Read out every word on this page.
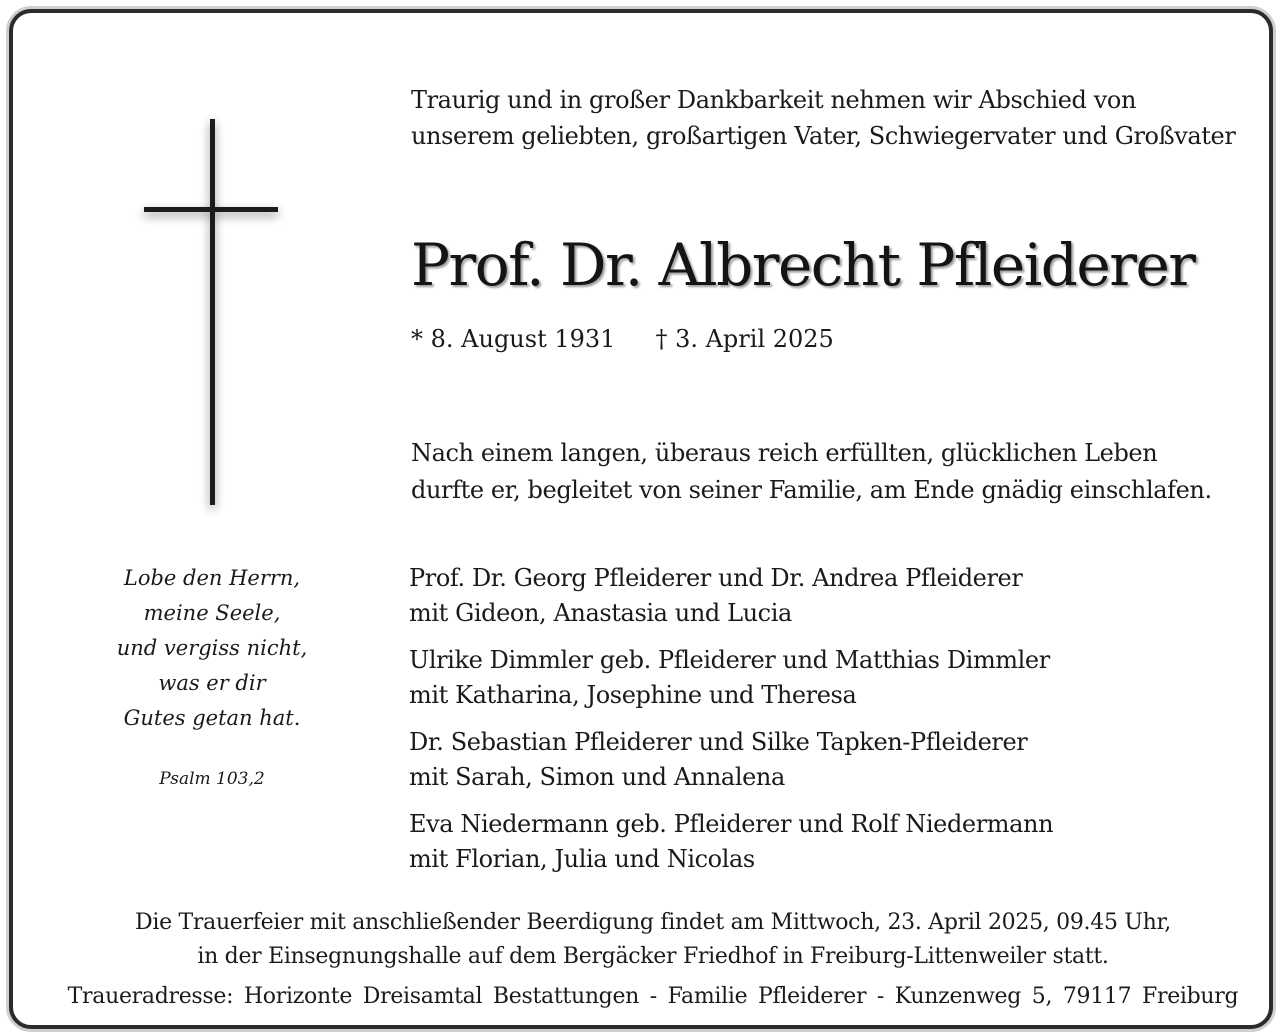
Traurig und in großer Dankbarkeit nehmen wir Abschied von
unserem geliebten, großartigen Vater, Schwiegervater und Großvater
Prof. Dr. Albrecht Pfleiderer
* 8. August 1931 † 3. April 2025
Nach einem langen, überaus reich erfüllten, glücklichen Leben
durfte er, begleitet von seiner Familie, am Ende gnädig einschlafen.
Lobe den Herrn,
meine Seele,
und vergiss nicht,
was er dir
Gutes getan hat.
Psalm 103,2
Prof. Dr. Georg Pfleiderer und Dr. Andrea Pfleiderer
mit Gideon, Anastasia und Lucia
Ulrike Dimmler geb. Pfleiderer und Matthias Dimmler
mit Katharina, Josephine und Theresa
Dr. Sebastian Pfleiderer und Silke Tapken-Pfleiderer
mit Sarah, Simon und Annalena
Eva Niedermann geb. Pfleiderer und Rolf Niedermann
mit Florian, Julia und Nicolas
Die Trauerfeier mit anschließender Beerdigung findet am Mittwoch, 23. April 2025, 09.45 Uhr,
in der Einsegnungshalle auf dem Bergäcker Friedhof in Freiburg-Littenweiler statt.
Traueradresse: Horizonte Dreisamtal Bestattungen - Familie Pfleiderer - Kunzenweg 5, 79117 Freiburg
